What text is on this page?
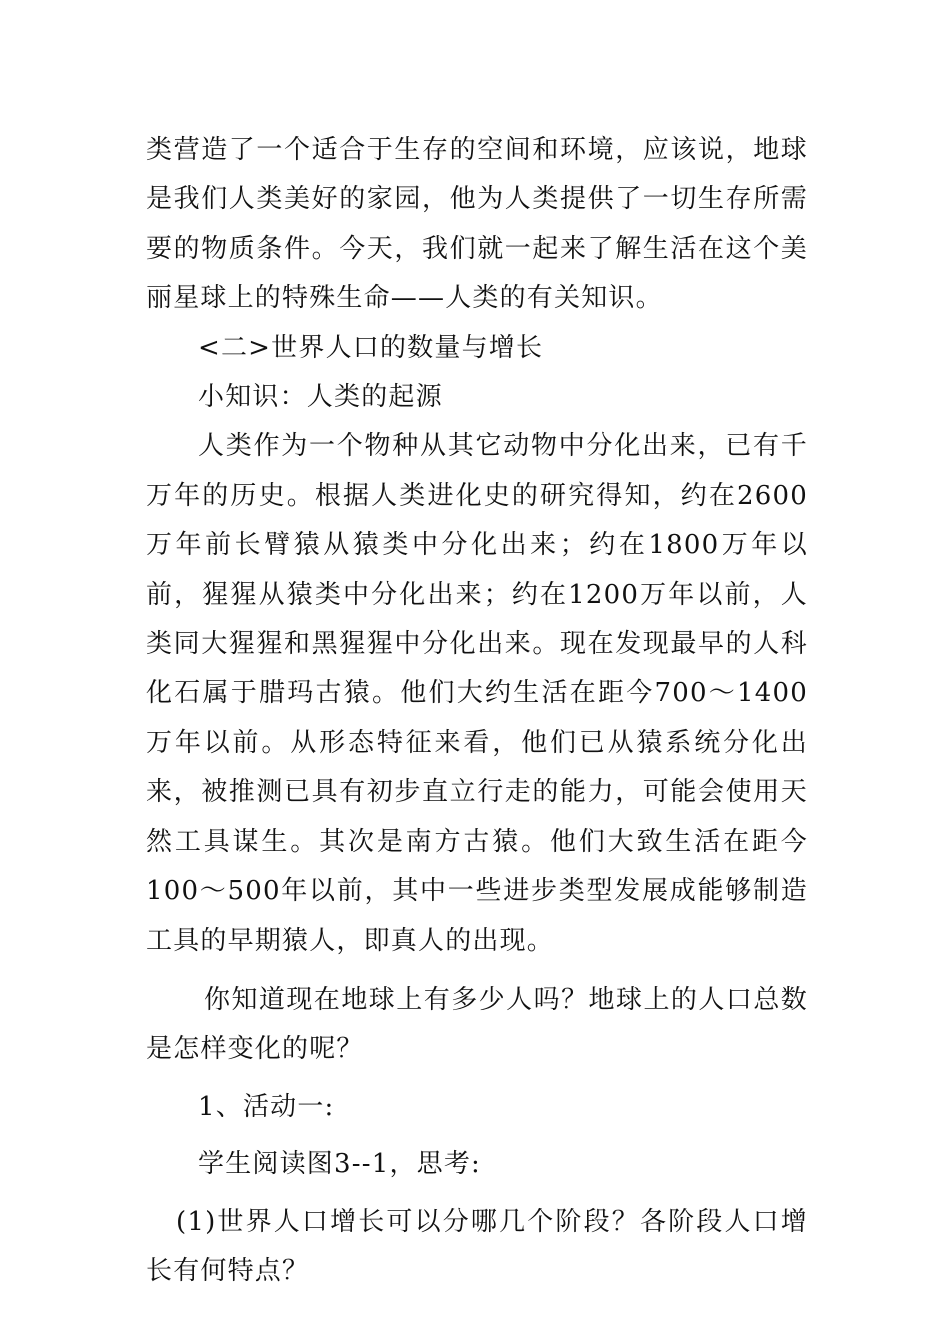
类营造了一个适合于生存的空间和环境，应该说，地球是我们人类美好的家园，他为人类提供了一切生存所需要的物质条件。今天，我们就一起来了解生活在这个美丽星球上的特殊生命——人类的有关知识。

<二>世界人口的数量与增长

小知识：人类的起源

人类作为一个物种从其它动物中分化出来，已有千万年的历史。根据人类进化史的研究得知，约在2600万年前长臂猿从猿类中分化出来；约在1800万年以前，猩猩从猿类中分化出来；约在1200万年以前，人类同大猩猩和黑猩猩中分化出来。现在发现最早的人科化石属于腊玛古猿。他们大约生活在距今700～1400万年以前。从形态特征来看，他们已从猿系统分化出来，被推测已具有初步直立行走的能力，可能会使用天然工具谋生。其次是南方古猿。他们大致生活在距今100～500年以前，其中一些进步类型发展成能够制造工具的早期猿人，即真人的出现。

你知道现在地球上有多少人吗？地球上的人口总数是怎样变化的呢？

1、活动一:

学生阅读图3--1，思考:

(1)世界人口增长可以分哪几个阶段？各阶段人口增长有何特点？
